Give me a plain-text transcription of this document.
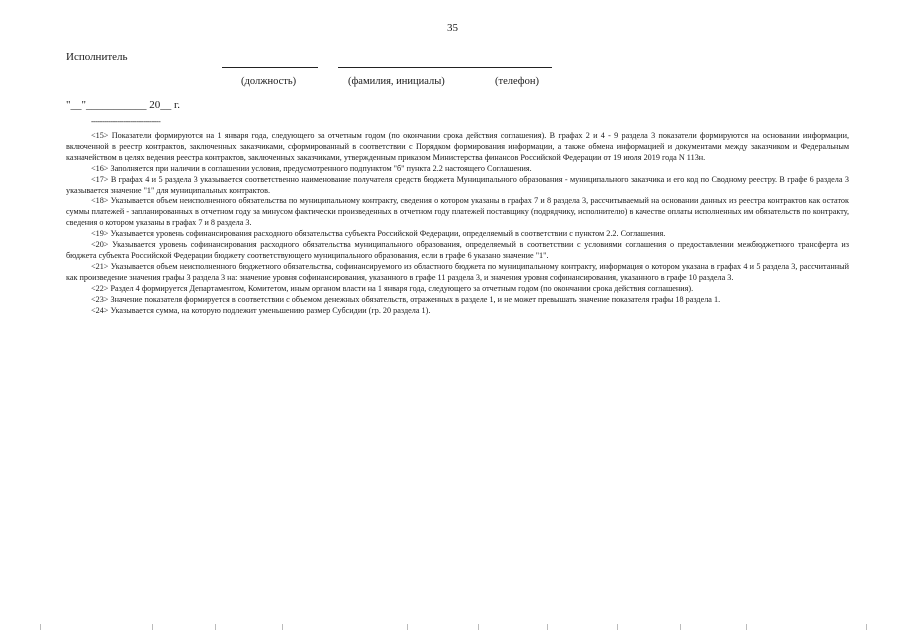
35
Исполнитель
(должность)	(фамилия, инициалы)	(телефон)
"__"___________ 20__ г.
--------------------------------

<15> Показатели формируются на 1 января года, следующего за отчетным годом (по окончании срока действия соглашения). В графах 2 и 4 - 9 раздела 3 показатели формируются на основании информации, включенной в реестр контрактов, заключенных заказчиками, сформированный в соответствии с Порядком формирования информации, а также обмена информацией и документами между заказчиком и Федеральным казначейством в целях ведения реестра контрактов, заключенных заказчиками, утвержденным приказом Министерства финансов Российской Федерации от 19 июля 2019 года N 113н.

<16> Заполняется при наличии в соглашении условия, предусмотренного подпунктом "б" пункта 2.2 настоящего Соглашения.

<17> В графах 4 и 5 раздела 3 указывается соответственно наименование получателя средств бюджета Муниципального образования - муниципального заказчика и его код по Сводному реестру. В графе 6 раздела 3 указывается значение "1" для муниципальных контрактов.

<18> Указывается объем неисполненного обязательства по муниципальному контракту, сведения о котором указаны в графах 7 и 8 раздела 3, рассчитываемый на основании данных из реестра контрактов как остаток суммы платежей - запланированных в отчетном году за минусом фактически произведенных в отчетном году платежей поставщику (подрядчику, исполнителю) в качестве оплаты исполненных им обязательств по контракту, сведения о котором указаны в графах 7 и 8 раздела 3.

<19> Указывается уровень софинансирования расходного обязательства субъекта Российской Федерации, определяемый в соответствии с пунктом 2.2. Соглашения.

<20> Указывается уровень софинансирования расходного обязательства муниципального образования, определяемый в соответствии с условиями соглашения о предоставлении межбюджетного трансферта из бюджета субъекта Российской Федерации бюджету соответствующего муниципального образования, если в графе 6 указано значение "1".

<21> Указывается объем неисполненного бюджетного обязательства, софинансируемого из областного бюджета по муниципальному контракту, информация о котором указана в графах 4 и 5 раздела 3, рассчитанный как произведение значения графы 3 раздела 3 на: значение уровня софинансирования, указанного в графе 11 раздела 3, и значения уровня софинансирования, указанного в графе 10 раздела 3.

<22> Раздел 4 формируется Департаментом, Комитетом, иным органом власти на 1 января года, следующего за отчетным годом (по окончании срока действия соглашения).

<23> Значение показателя формируется в соответствии с объемом денежных обязательств, отраженных в разделе 1, и не может превышать значение показателя графы 18 раздела 1.

<24> Указывается сумма, на которую подлежит уменьшению размер Субсидии (гр. 20 раздела 1).
